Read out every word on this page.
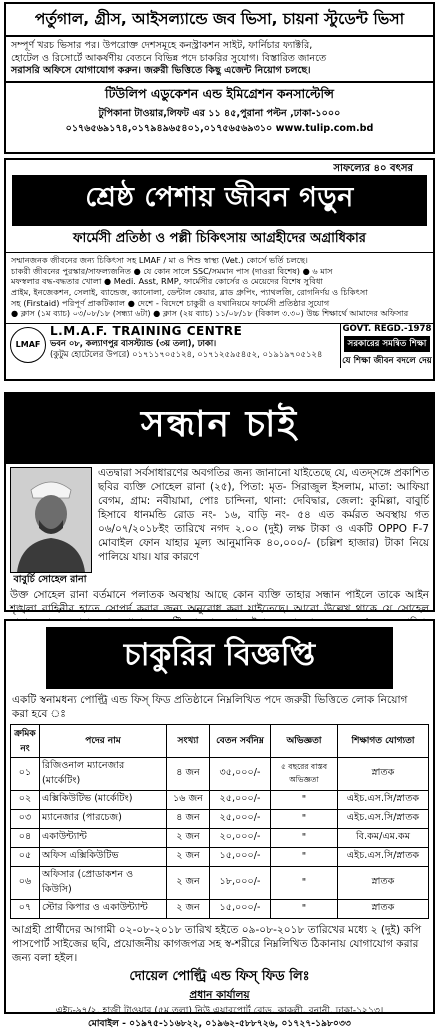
পর্তুগাল, গ্রীস, আইসল্যান্ডে জব ভিসা, চায়না স্টুডেন্ট ভিসা
সম্পূর্ণ খরচ ভিসার পর। উপরোক্ত দেশসমূহে কনস্ট্রাকশন সাইট, ফার্নিচার ফ্যাক্টরি,
হোটেল ও রিসোর্টে আকর্ষণীয় বেতনে বিভিন্ন পদে চাকরির সুযোগ। বিস্তারিত জানতে
সরাসরি অফিসে যোগাযোগ করুন। জরুরী ভিত্তিতে কিছু এজেন্ট নিয়োগ চলছে।
টিউলিপ এডুকেশন এন্ড ইমিগ্রেশন কনসাল্টেন্সি
টুপিকানা টাওয়ার,লিফট এর ১১ ৪৫,পুরানা পল্টন ,ঢাকা-১০০০
০১৭৬৫৬৯১৭৪,০১৭৯৪৯৬৫৪০১,০১৭৫৬৫৬৯৩১০ www.tulip.com.bd
সাফল্যের ৪০ বৎসর
শ্রেষ্ঠ পেশায় জীবন গড়ুন
ফার্মেসী প্রতিষ্ঠা ও পল্লী চিকিৎসায় আগ্রহীদের অগ্রাধিকার
সম্মানজনক জীবনের জন্য চিকিৎসা সহ LMAF / মা ও শিশু স্বাস্থ্য (Vet.) কোর্সে ভর্তি চলছে।
চাকরী জীবনের পুরস্কার/সাফল্যজনিত ● যে কোন সালে SSC/সমমান পাস (দাওরা বিশেষ) ● ৬ মাস
মফস্বলার বদ্ধ-বদ্ধতার খোলা ● Medi. Asst, RMP, ফার্মেসীর কোর্সের ও মেয়েদের বিশেষ সুবিধা
প্রাইম, ইনজেকশন, সেলাই, ব্যান্ডেজ, ক্যানোলা, ডেন্টাল কেয়ার, ব্লাড গ্রুপিং, প্যাথলজি, রোগনির্ণয় ও চিকিৎসা
সহ (Firstaid) পরিপূর্ণ প্রাকটিক্যাল ● দেশে - বিদেশে চাকুরী ও যথানিয়মে ফার্মেসী প্রতিষ্ঠার সুযোগ
● ক্লাস (১ম ব্যাচ) ০৩/০৮/১৮ (সন্ধ্যা ৬টা) ● ক্লাস (২য় ব্যাচ) ১১/০৮/১৮ (বিকাল ৩.৩০) উচ্চ শিক্ষার্থে আমাদের অফিসার
LMAF
L.M.A.F. TRAINING CENTRE
ভবন ০৮, কল্যাণপুর বাসস্ট্যান্ড (৩য় তলা), ঢাকা।
(কুটুম হোটেলের উপরে) ০১৭১১৭০৫১২৪, ০১৭১২৫৯৫৪৫২, ০১৯১৯৭০৫১২৪
GOVT. REGD.-1978
সরকারের সমন্বিত শিক্ষা
যে শিক্ষা জীবন বদলে দেয়
সন্ধান চাই
বাবুর্চি সোহেল রানা
এতদ্বারা সর্বসাধারণের অবগতির জন্য জানানো যাইতেছে যে, এতদ্সঙ্গে প্রকাশিত ছবির ব্যক্তি সোহেল রানা (২৫), পিতা: মৃত- সিরাজুল ইসলাম, মাতা: আফিয়া বেগম, গ্রাম: নবীয়ামা, পোঃ চান্দিনা, থানা: দেবিদ্বার, জেলা: কুমিল্লা, বাবুর্চি হিসাবে ধানমন্ডি রোড নং- ১৬, বাড়ি নং- ৫৪ এত কর্মরত অবস্থায় গত ০৬/০৭/২০১৮ইং তারিখে নগদ ২.০০ (দুই) লক্ষ টাকা ও একটি OPPO F-7 মোবাইল ফোন যাহার মূল্য আনুমানিক ৪০,০০০/- (চল্লিশ হাজার) টাকা নিয়ে পালিয়ে যায়। যার কারণে
উক্ত সোহেল রানা বর্তমানে পলাতক অবস্থায় আছে কোন ব্যক্তি তাহার সন্ধান পাইলে তাকে আইন শৃঙ্খলা বাহিনীর হাতে সোপর্দ করার জন্য অনুরোধ করা যাইতেছে। আরো উল্লেখ থাকে যে সোহেল
চাকুরির বিজ্ঞপ্তি
একটি স্বনামধন্য পোল্ট্রি এন্ড ফিস্ ফিড প্রতিষ্ঠানে নিম্নলিখিত পদে জরুরী ভিত্তিতে লোক নিয়োগ করা হবে ঃ
ক্রমিক নং	পদের নাম	সংখ্যা	বেতন সর্বনিম্ন	অভিজ্ঞতা	শিক্ষাগত যোগ্যতা
০১	রিজিওনাল ম্যানেজার (মার্কেটিং)	৪ জন	৩৫,০০০/-	৫ বছরের বাস্তব অভিজ্ঞতা	স্নাতক
০২	এক্সিকিউটিভ (মার্কেটিং)	১৬ জন	২৫,০০০/-	"	এইচ.এস.সি/স্নাতক
০৩	ম্যানেজার (পারচেজ)	৪ জন	২৫,০০০/-	"	এইচ.এস.সি/স্নাতক
০৪	একাউন্ট্যান্ট	২ জন	২০,০০০/-	"	বি.কম/এম.কম
০৫	অফিস এক্সিকিউটিভ	২ জন	১৫,০০০/-	"	এইচ.এস.সি/স্নাতক
০৬	অফিসার (প্রোডাকশন ও কিউসি)	২ জন	১৮,০০০/-	"	স্নাতক
০৭	স্টোর কিপার ও একাউন্ট্যান্ট	২ জন	১৫,০০০/-	"	স্নাতক
আগ্রহী প্রার্থীদের আগামী ০২-০৮-২০১৮ তারিখ হইতে ০৯-০৮-২০১৮ তারিখের মধ্যে ২ (দুই) কপি পাসপোর্ট সাইজের ছবি, প্রয়োজনীয় কাগজপত্র সহ স্ব-শরীরে নিম্নলিখিত ঠিকানায় যোগাযোগ করার জন্য বলা হইল।
দোয়েল পোল্ট্রি এন্ড ফিস্ ফিড লিঃ
প্রধান কার্যালয়
এইচ-৯৭/২, হাজী টাওয়ার (৫ম তলা) নিউ এয়ারপোর্ট রোড, কাকলী, বনানী, ঢাকা-১২১৩।
মোবাইল - ০১৯৭৫-১১৬৮২২, ০১৯৬২-৫৮৮৭২৬, ০১৭২৭-১৯৮০৩৩
